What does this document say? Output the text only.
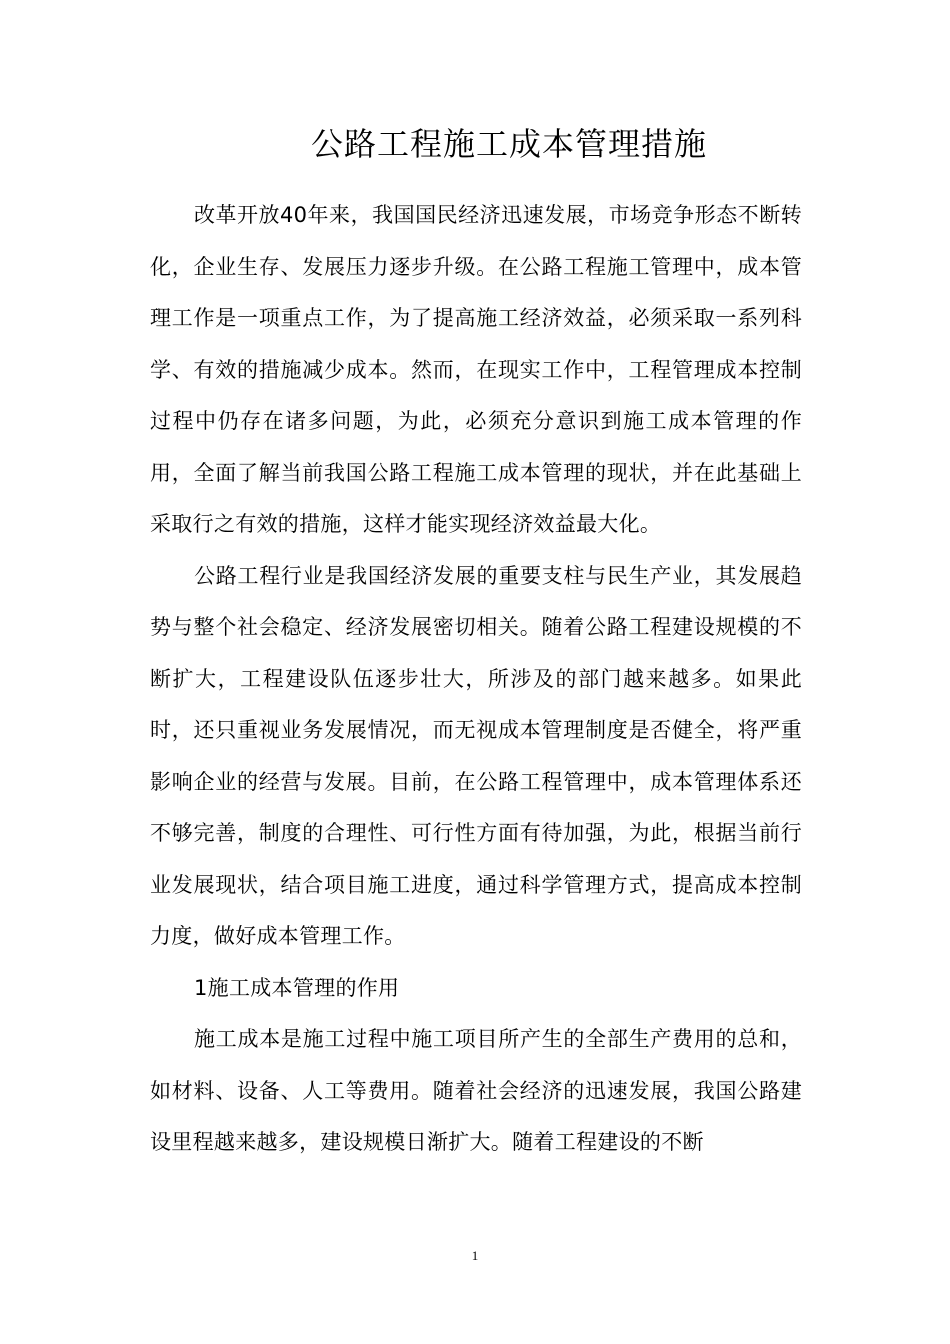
公路工程施工成本管理措施

改革开放40年来，我国国民经济迅速发展，市场竞争形态不断转化，企业生存、发展压力逐步升级。在公路工程施工管理中，成本管理工作是一项重点工作，为了提高施工经济效益，必须采取一系列科学、有效的措施减少成本。然而，在现实工作中，工程管理成本控制过程中仍存在诸多问题，为此，必须充分意识到施工成本管理的作用，全面了解当前我国公路工程施工成本管理的现状，并在此基础上采取行之有效的措施，这样才能实现经济效益最大化。

公路工程行业是我国经济发展的重要支柱与民生产业，其发展趋势与整个社会稳定、经济发展密切相关。随着公路工程建设规模的不断扩大，工程建设队伍逐步壮大，所涉及的部门越来越多。如果此时，还只重视业务发展情况，而无视成本管理制度是否健全，将严重影响企业的经营与发展。目前，在公路工程管理中，成本管理体系还不够完善，制度的合理性、可行性方面有待加强，为此，根据当前行业发展现状，结合项目施工进度，通过科学管理方式，提高成本控制力度，做好成本管理工作。

1施工成本管理的作用

施工成本是施工过程中施工项目所产生的全部生产费用的总和，如材料、设备、人工等费用。随着社会经济的迅速发展，我国公路建设里程越来越多，建设规模日渐扩大。随着工程建设的不断

1
